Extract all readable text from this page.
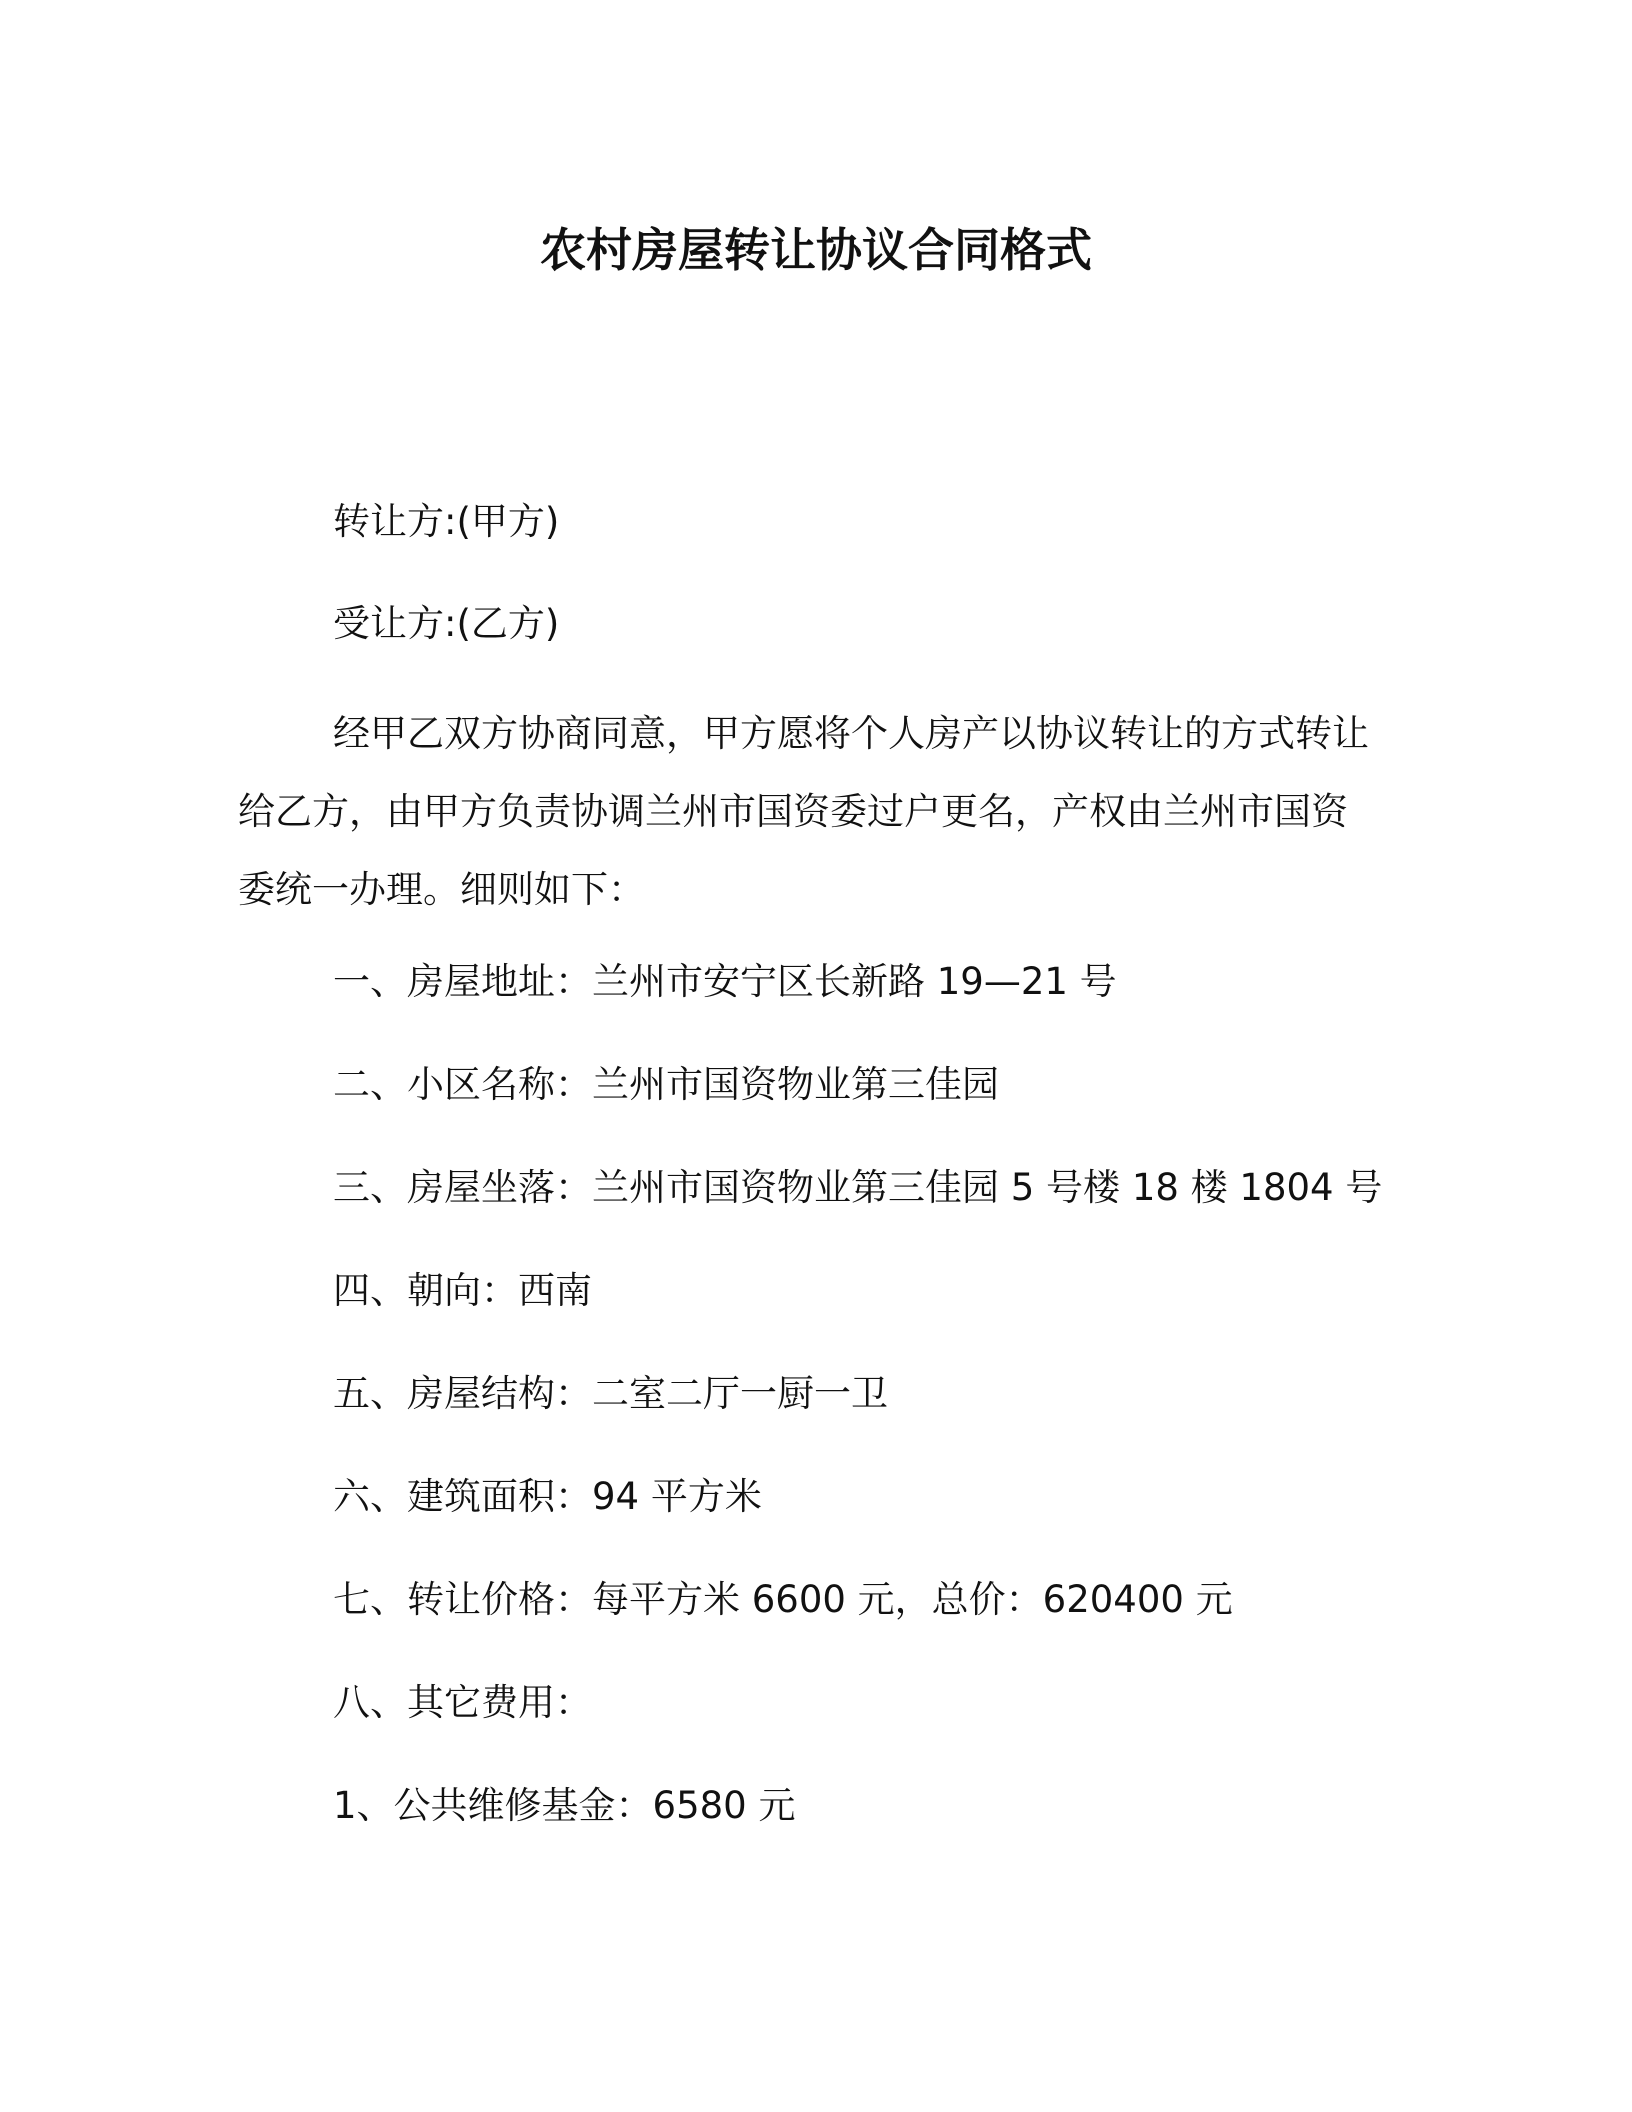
农村房屋转让协议合同格式
转让方:(甲方)
受让方:(乙方)
经甲乙双方协商同意，甲方愿将个人房产以协议转让的方式转让
给乙方，由甲方负责协调兰州市国资委过户更名，产权由兰州市国资
委统一办理。细则如下：
一、房屋地址：兰州市安宁区长新路 19—21 号
二、小区名称：兰州市国资物业第三佳园
三、房屋坐落：兰州市国资物业第三佳园 5 号楼 18 楼 1804 号
四、朝向：西南
五、房屋结构：二室二厅一厨一卫
六、建筑面积：94 平方米
七、转让价格：每平方米 6600 元，总价：620400 元
八、其它费用：
1、公共维修基金：6580 元
